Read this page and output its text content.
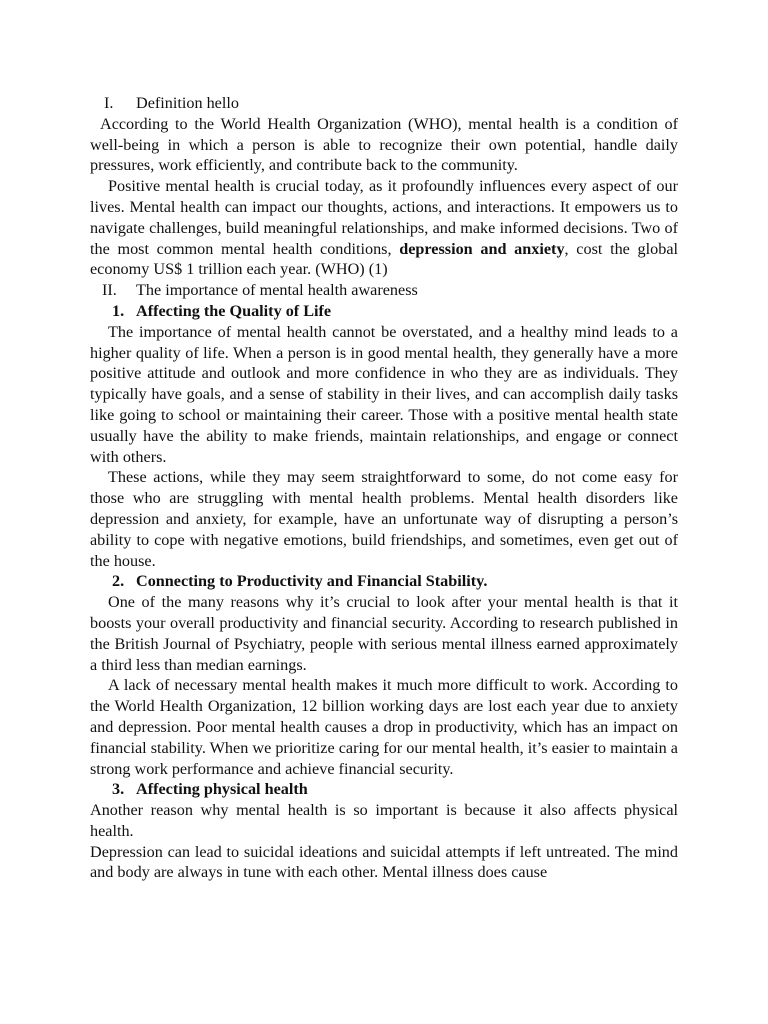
I.	Definition hello

According to the World Health Organization (WHO), mental health is a condition of well-being in which a person is able to recognize their own potential, handle daily pressures, work efficiently, and contribute back to the community.

Positive mental health is crucial today, as it profoundly influences every aspect of our lives. Mental health can impact our thoughts, actions, and interactions. It empowers us to navigate challenges, build meaningful relationships, and make informed decisions. Two of the most common mental health conditions, depression and anxiety, cost the global economy US$ 1 trillion each year. (WHO) (1)

II.	The importance of mental health awareness
1. Affecting the Quality of Life

The importance of mental health cannot be overstated, and a healthy mind leads to a higher quality of life. When a person is in good mental health, they generally have a more positive attitude and outlook and more confidence in who they are as individuals. They typically have goals, and a sense of stability in their lives, and can accomplish daily tasks like going to school or maintaining their career. Those with a positive mental health state usually have the ability to make friends, maintain relationships, and engage or connect with others.

These actions, while they may seem straightforward to some, do not come easy for those who are struggling with mental health problems. Mental health disorders like depression and anxiety, for example, have an unfortunate way of disrupting a person’s ability to cope with negative emotions, build friendships, and sometimes, even get out of the house.

2. Connecting to Productivity and Financial Stability.

One of the many reasons why it’s crucial to look after your mental health is that it boosts your overall productivity and financial security. According to research published in the British Journal of Psychiatry, people with serious mental illness earned approximately a third less than median earnings.

A lack of necessary mental health makes it much more difficult to work. According to the World Health Organization, 12 billion working days are lost each year due to anxiety and depression. Poor mental health causes a drop in productivity, which has an impact on financial stability. When we prioritize caring for our mental health, it’s easier to maintain a strong work performance and achieve financial security.

3. Affecting physical health

Another reason why mental health is so important is because it also affects physical health.

Depression can lead to suicidal ideations and suicidal attempts if left untreated. The mind and body are always in tune with each other. Mental illness does cause
